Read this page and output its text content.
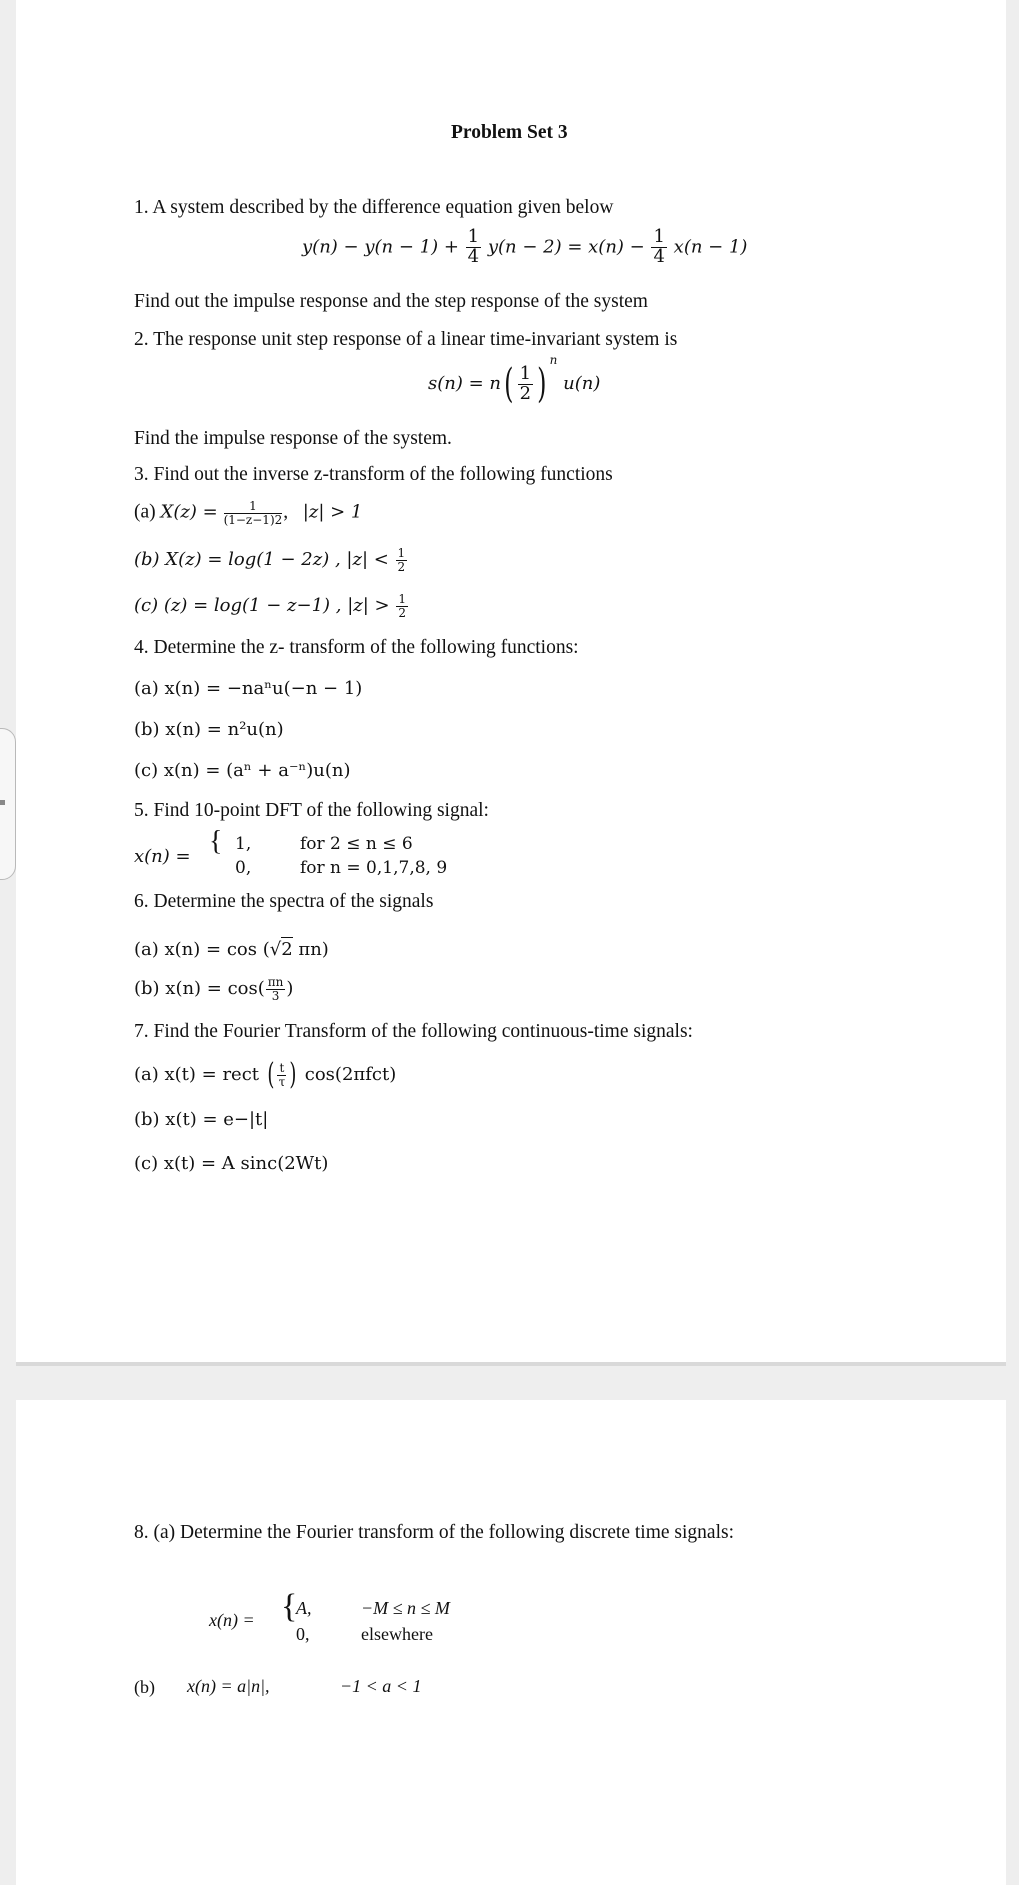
Problem Set 3
1. A system described by the difference equation given below
$y(n) - y(n - 1) + \frac{1}{4} y(n - 2) = x(n) - \frac{1}{4} x(n - 1)$
Find out the impulse response and the step response of the system
2. The response unit step response of a linear time-invariant system is
$s(n) = n( \frac{1}{2} )^n$ u(n)
Find the impulse response of the system.
3. Find out the inverse z-transform of the following functions
(a) $X(z) = \frac{1}{(1-z-1)2}$ ,   |z| > 1
(b) X(z) = log(1 − 2z) , $|z| < \frac{1}{2}$
(c) (z) = log(1 − z−1) , $|z| > \frac{1}{2}$
4. Determine the z- transform of the following functions:
(a) x(n) = −naⁿu(−n − 1)
(b) x(n) = n²u(n)
(c) x(n) = (aⁿ + a⁻ⁿ)u(n)
5. Find 10-point DFT of the following signal:
x(n) = { 1,	for 2 ≤ n ≤ 6
0,	for n = 0,1,7,8, 9
6. Determine the spectra of the signals
(a) x(n) = cos (√2 πn)
(b) $x(n) = \cos( \frac{\pi n}{3}$ )
7. Find the Fourier Transform of the following continuous-time signals:
(a) x(t) = rect ( $\frac{t}{\tau}$ ) cos(2πfct)
(b) x(t) = e−|t|
(c) x(t) = A sinc(2Wt)
8. (a) Determine the Fourier transform of the following discrete time signals:
x(n) = {
A,	−M ≤ n ≤ M
0,	elsewhere
(b) x(n) = a|n|,	−1 < a < 1
